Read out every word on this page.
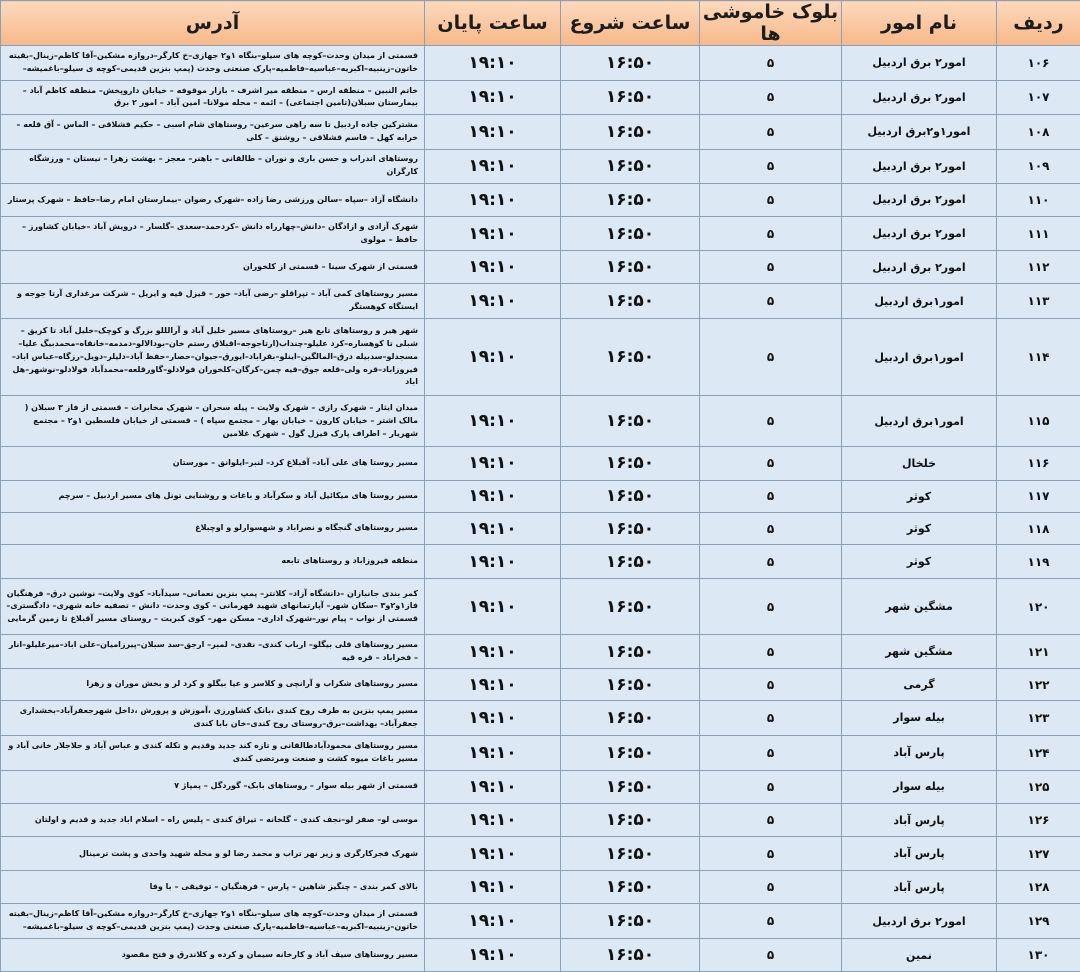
ردیف	نام امور	بلوک خاموشی ها	ساعت شروع	ساعت پایان	آدرس
۱۰۶	امور۲ برق اردبیل	۵	۱۶:۵۰	۱۹:۱۰	قسمتی از میدان وحدت–کوچه های سیلو–بنگاه ۱و۲ جهازی–خ کارگر–دروازه مشکین–آقا کاظم–زینال–بقیته خاتون–زینبیه–اکبریه–عباسیه–فاطمیه–پارک صنعتی وحدت (پمپ بنزین قدیمی–کوچه ی سیلو–باغمیشه–
۱۰۷	امور۲ برق اردبیل	۵	۱۶:۵۰	۱۹:۱۰	خاتم النبین – منطقه ارس – منطقه میر اشرف – بازار موقوفه – خیابان داروپخش– منطقه کاظم آباد – بیمارستان سبلان(تامین اجتماعی) – ائمه – محله مولانا– امین آباد – امور ۲ برق
۱۰۸	امور۱و۲برق اردبیل	۵	۱۶:۵۰	۱۹:۱۰	مشترکین جاده اردبیل تا سه راهی سرعین– روستاهای شام اسبی – حکیم قشلاقی – الماس – آق قلعه – خرابه کهل – قاسم قشلاقی – روشنق – کلی
۱۰۹	امور۲ برق اردبیل	۵	۱۶:۵۰	۱۹:۱۰	روستاهای اندراب و حسن باری و نوران – طالقانی – باهنر– معجز – بهشت زهرا – نیستان – ورزشگاه کارگران
۱۱۰	امور۲ برق اردبیل	۵	۱۶:۵۰	۱۹:۱۰	دانشگاه آزاد –سپاه –سالن ورزشی رضا زاده –شهرک رضوان –بیمارستان امام رضا–حافظ – شهرک پرستار
۱۱۱	امور۲ برق اردبیل	۵	۱۶:۵۰	۱۹:۱۰	شهرک آزادی و ازادگان –دانش–چهارراه دانش –کردحمد–سعدی –گلسار – درویش آباد –خیابان کشاورز –حافظ – مولوی
۱۱۲	امور۲ برق اردبیل	۵	۱۶:۵۰	۱۹:۱۰	قسمتی از شهرک سینا – قسمتی از کلخوران
۱۱۳	امور۱برق اردبیل	۵	۱۶:۵۰	۱۹:۱۰	مسیر روستاهای کمی آباد – تپراقلو –رضی آباد– حور – قیزل قیه و ایریل – شرکت مرغداری آرتا جوجه و ایستگاه کوهستگر
۱۱۴	امور۱برق اردبیل	۵	۱۶:۵۰	۱۹:۱۰	شهر هیر و روستاهای تابع هیر –روستاهای مسیر خلیل آباد و آرالللو بزرگ و کوچک–خلیل آباد تا کریق –شبلی تا کوهساره–کرد علیلو–چنداب(ارتاجوجه–اقبلاق رستم خان–بودالالو–دمدمه–خانقاه–محمدبیگ علیا–مسجدلو–سدبیله درق–المالگین–اینلو–بقراباد–ایورق–جیوان–حصار–حفظ آباد–دلیلر–دویل–رزگاه–عباس اباد–فیروزاباد–قره ولی–قلعه جوق–قیه چمن–کرگان–کلخوران فولادلو–گاورقلعه–محمدآباد فولادلو–نوشهر–هل اباد
۱۱۵	امور۱برق اردبیل	۵	۱۶:۵۰	۱۹:۱۰	میدان ایثار – شهرک رازی – شهرک ولایت – پیله سحران – شهرک مخابرات – قسمتی از فاز ۳ سبلان ( مالک اشتر – خیابان کارون – خیابان بهار – مجتمع سپاه ) – قسمتی از خیابان فلسطین ۱و۲ – مجتمع شهریار – اطراف پارک قیزل گول – شهرک غلامین
۱۱۶	خلخال	۵	۱۶:۵۰	۱۹:۱۰	مسیر روستا های علی آباد– آقبلاغ کرد– لنبر–ایلوانق – مورستان
۱۱۷	کوثر	۵	۱۶:۵۰	۱۹:۱۰	مسیر روستا های میکائیل آباد و سکرآباد و باغات و روشنایی تونل های مسیر اردبیل – سرچم
۱۱۸	کوثر	۵	۱۶:۵۰	۱۹:۱۰	مسیر روستاهای گنجگاه و نصراباد و شهسوارلو و اوچبلاغ
۱۱۹	کوثر	۵	۱۶:۵۰	۱۹:۱۰	منطقه فیروزاباد و روستاهای تابعه
۱۲۰	مشگین شهر	۵	۱۶:۵۰	۱۹:۱۰	کمر بندی جانبازان –دانشگاه آزاد– کلانتر– پمپ بنزین نعمانی– سیدآباد– کوی ولایت– نوشین درق– فرهنگیان فاز۱و۲و۳ –سکان شهر– آپارتمانهای شهید قهرمانی – کوی وحدت– دانش – تصفیه خانه شهری– دادگستری– قسمتی از نواب – پیام نور–شهرک اداری– مسکن مهر– کوی کبریت – روستای مسیر آقبلاغ تا زمین گرمایی
۱۲۱	مشگین شهر	۵	۱۶:۵۰	۱۹:۱۰	مسیر روستاهای قلی بیگلو– ارباب کندی– نقدی– لمبر– ارجق–سد سبلان–پیرزامیان–علی اباد–میرعلیلو–انار – فخراباد – قره قیه
۱۲۲	گرمی	۵	۱۶:۵۰	۱۹:۱۰	مسیر روستاهای شکراب و آرانچی و کلاسر و عیا بیگلو و کرد لر و بخش موران و زهرا
۱۲۳	بیله سوار	۵	۱۶:۵۰	۱۹:۱۰	مسیر پمپ بنزین به طرف روح کندی ،بانک کشاورزی ،آموزش و پرورش ،داخل شهرجعفرآباد–بخشداری جعفرآباد– بهداشت–برق–روستای روح کندی–خان بابا کندی
۱۲۴	پارس آباد	۵	۱۶:۵۰	۱۹:۱۰	مسیر روستاهای محمودآبادطالقانی و تازه کند جدید وقدیم و تکله کندی و عباس آباد و حلاجلار خانی آباد و مسیر باغات میوه کشت و صنعت ومرتضی کندی
۱۲۵	بیله سوار	۵	۱۶:۵۰	۱۹:۱۰	قسمتی از شهر بیله سوار – روستاهای بابک– گوردگل – پمپاژ ۷
۱۲۶	پارس آباد	۵	۱۶:۵۰	۱۹:۱۰	موسی لو– صفر لو–نجف کندی – گلخانه – تیراق کندی – پلیس راه – اسلام اباد جدید و قدیم و اولتان
۱۲۷	پارس آباد	۵	۱۶:۵۰	۱۹:۱۰	شهرک فجرکارگری و زیر نهر تراب و محمد رضا لو و محله شهید واحدی و پشت ترمینال
۱۲۸	پارس آباد	۵	۱۶:۵۰	۱۹:۱۰	بالای کمر بندی – چنگیز شاهین – پارس – فرهنگیان – توفیقی – با وفا
۱۲۹	امور۲ برق اردبیل	۵	۱۶:۵۰	۱۹:۱۰	قسمتی از میدان وحدت–کوچه های سیلو–بنگاه ۱و۲ جهازی–خ کارگر–دروازه مشکین–آقا کاظم–زینال–بقیته خاتون–زینبیه–اکبریه–عباسیه–فاطمیه–پارک صنعتی وحدت (پمپ بنزین قدیمی–کوچه ی سیلو–باغمیشه–
۱۳۰	نمین	۵	۱۶:۵۰	۱۹:۱۰	مسیر روستاهای سیف آباد و کارخانه سیمان و کرده و کلاندرق و فتح مقصود
